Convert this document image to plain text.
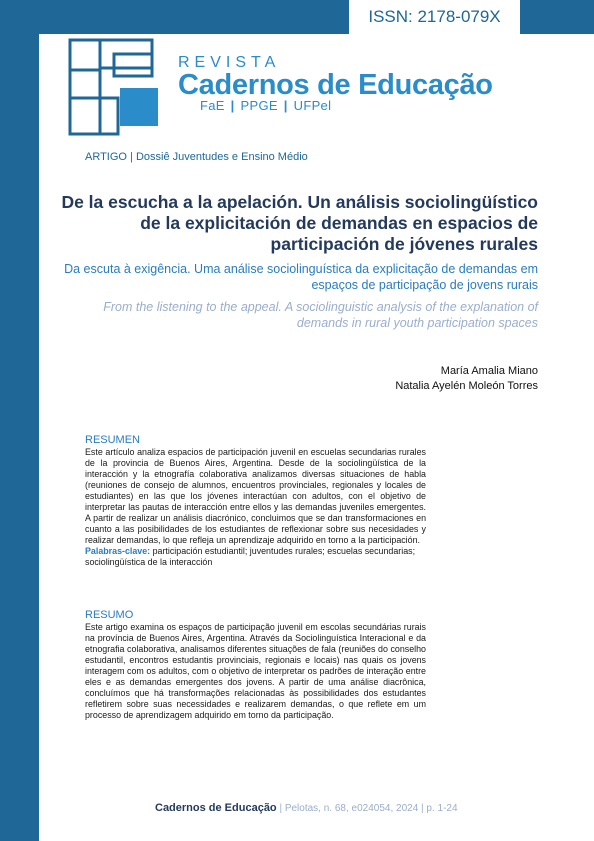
ISSN: 2178-079X
REVISTA
Cadernos de Educação
FaE | PPGE | UFPel
ARTIGO | Dossiê Juventudes e Ensino Médio
De la escucha a la apelación. Un análisis sociolingüístico de la explicitación de demandas en espacios de participación de jóvenes rurales
Da escuta à exigência. Uma análise sociolinguística da explicitação de demandas em espaços de participação de jovens rurais
From the listening to the appeal. A sociolinguistic analysis of the explanation of demands in rural youth participation spaces
María Amalia Miano
Natalia Ayelén Moleón Torres
RESUMEN
Este artículo analiza espacios de participación juvenil en escuelas secundarias rurales de la provincia de Buenos Aires, Argentina. Desde de la sociolingüística de la interacción y la etnografía colaborativa analizamos diversas situaciones de habla (reuniones de consejo de alumnos, encuentros provinciales, regionales y locales de estudiantes) en las que los jóvenes interactúan con adultos, con el objetivo de interpretar las pautas de interacción entre ellos y las demandas juveniles emergentes. A partir de realizar un análisis diacrónico, concluimos que se dan transformaciones en cuanto a las posibilidades de los estudiantes de reflexionar sobre sus necesidades y realizar demandas, lo que refleja un aprendizaje adquirido en torno a la participación.
Palabras-clave: participación estudiantil; juventudes rurales; escuelas secundarias; sociolingüística de la interacción
RESUMO
Este artigo examina os espaços de participação juvenil em escolas secundárias rurais na província de Buenos Aires, Argentina. Através da Sociolinguística Interacional e da etnografia colaborativa, analisamos diferentes situações de fala (reuniões do conselho estudantil, encontros estudantis provinciais, regionais e locais) nas quais os jovens interagem com os adultos, com o objetivo de interpretar os padrões de interação entre eles e as demandas emergentes dos jovens. A partir de uma análise diacrônica, concluímos que há transformações relacionadas às possibilidades dos estudantes refletirem sobre suas necessidades e realizarem demandas, o que reflete em um processo de aprendizagem adquirido em torno da participação.
Cadernos de Educação | Pelotas, n. 68, e024054, 2024 | p. 1-24
